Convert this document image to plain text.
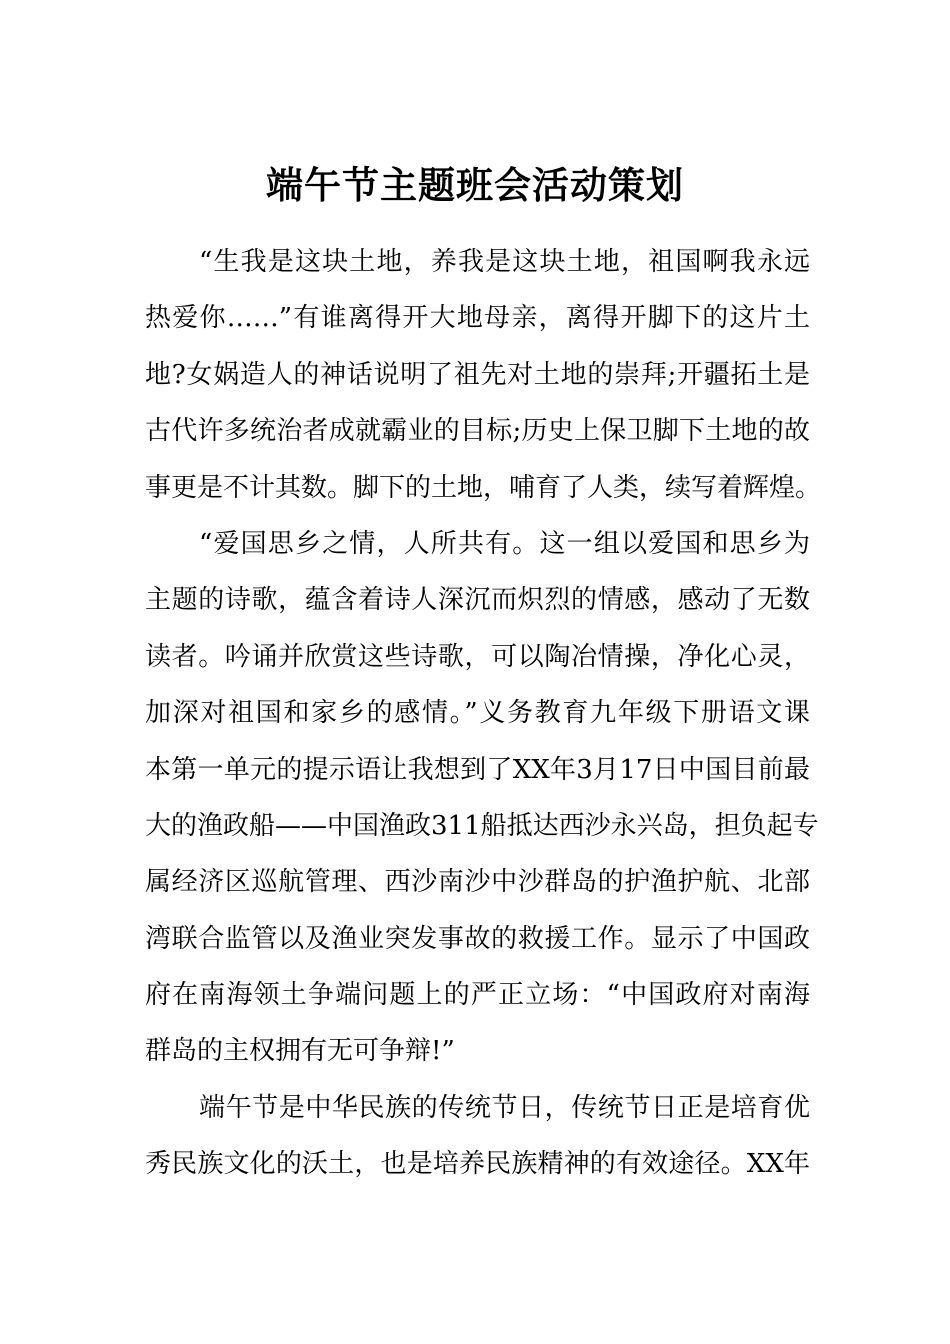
端午节主题班会活动策划
“生我是这块土地，养我是这块土地，祖国啊我永远
热爱你……”有谁离得开大地母亲，离得开脚下的这片土
地?女娲造人的神话说明了祖先对土地的崇拜;开疆拓土是
古代许多统治者成就霸业的目标;历史上保卫脚下土地的故
事更是不计其数。脚下的土地，哺育了人类，续写着辉煌。
“爱国思乡之情，人所共有。这一组以爱国和思乡为
主题的诗歌，蕴含着诗人深沉而炽烈的情感，感动了无数
读者。吟诵并欣赏这些诗歌，可以陶冶情操，净化心灵，
加深对祖国和家乡的感情。”义务教育九年级下册语文课
本第一单元的提示语让我想到了XX年3月17日中国目前最
大的渔政船——中国渔政311船抵达西沙永兴岛，担负起专
属经济区巡航管理、西沙南沙中沙群岛的护渔护航、北部
湾联合监管以及渔业突发事故的救援工作。显示了中国政
府在南海领土争端问题上的严正立场：“中国政府对南海
群岛的主权拥有无可争辩!”
端午节是中华民族的传统节日，传统节日正是培育优
秀民族文化的沃土，也是培养民族精神的有效途径。XX年
